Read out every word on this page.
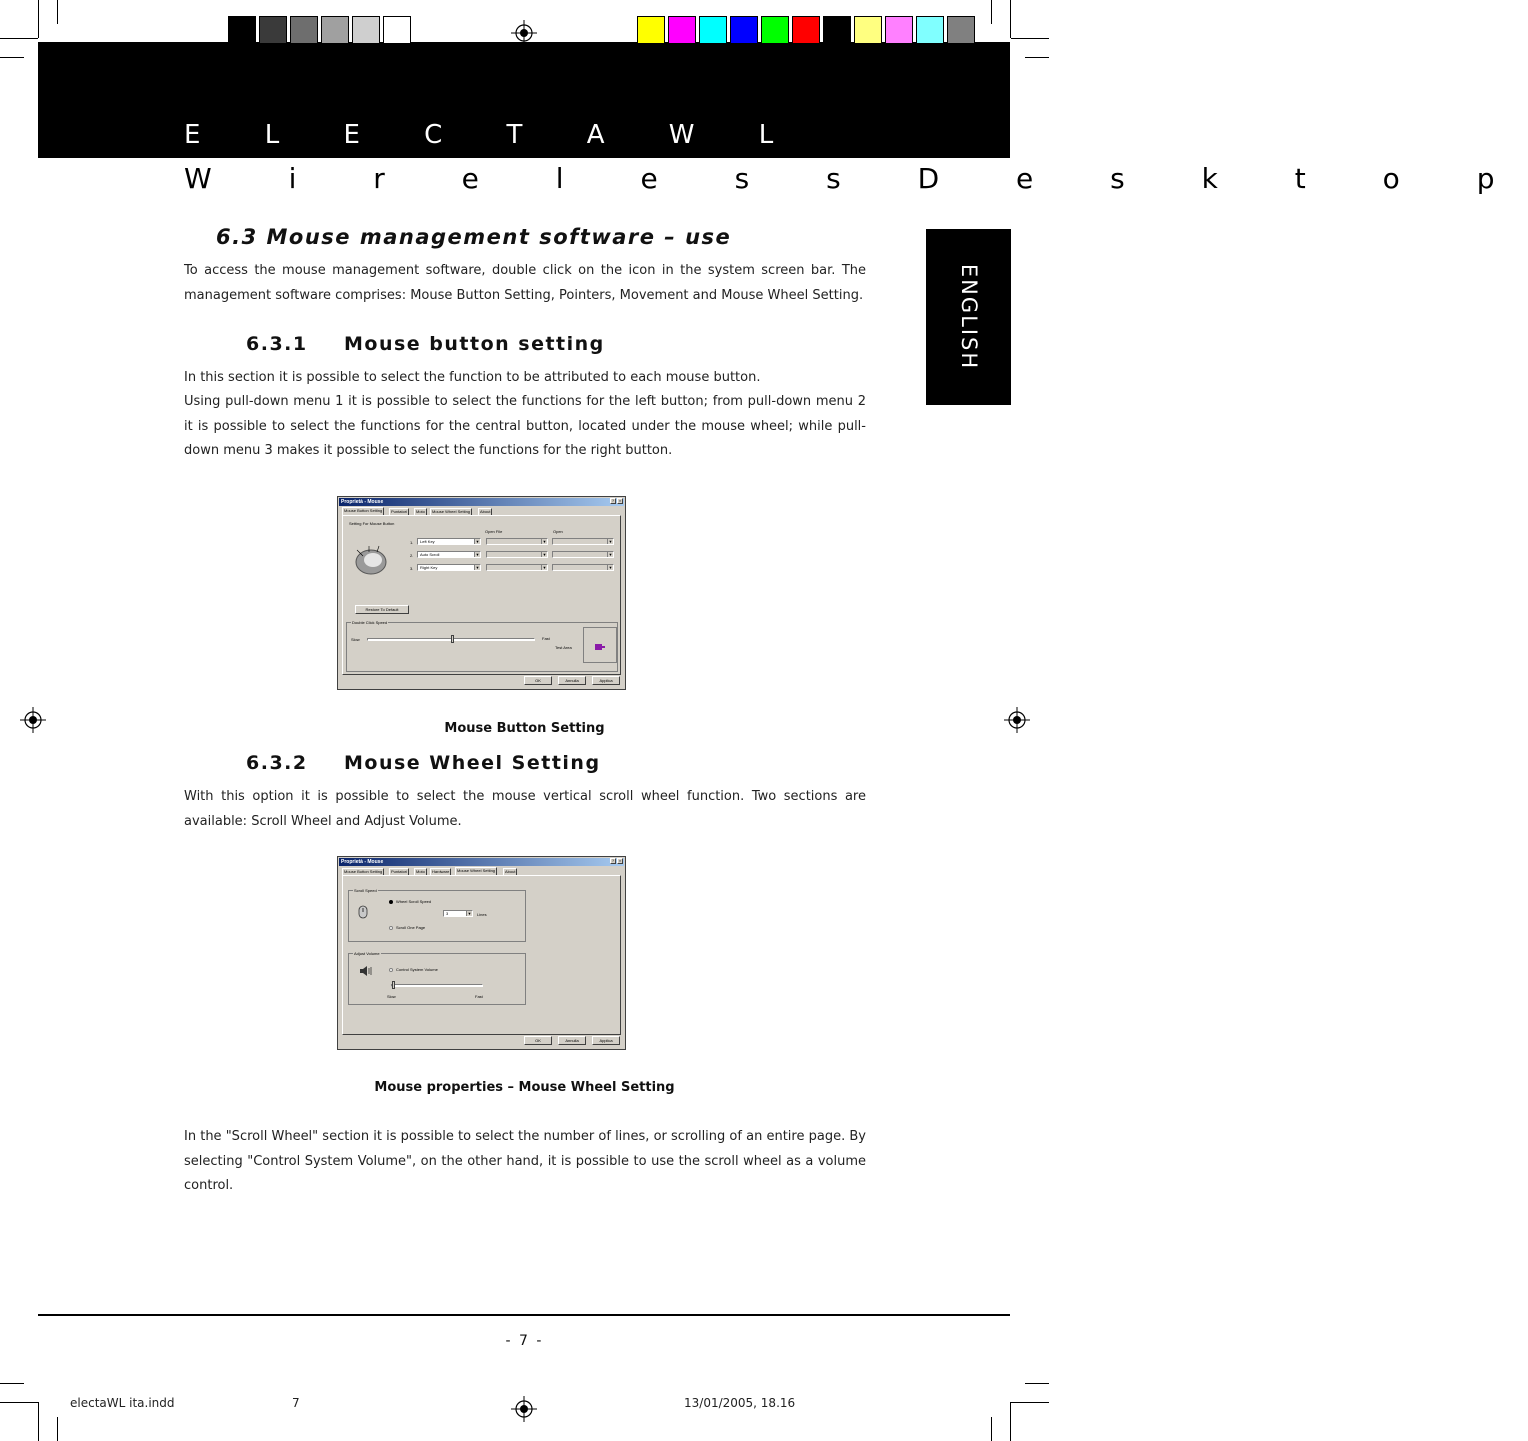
E L E C T A W L
W i r e l e s s D e s k t o p
ENGLISH
6.3 Mouse management software – use
To access the mouse management software, double click on the icon in the system screen bar. The management software comprises: Mouse Button Setting, Pointers, Movement and Mouse Wheel Setting.
6.3.1 Mouse button setting
In this section it is possible to select the function to be attributed to each mouse button.
Using pull-down menu 1 it is possible to select the functions for the left button; from pull-down menu 2 it is possible to select the functions for the central button, located under the mouse wheel; while pull-down menu 3 makes it possible to select the functions for the right button.
Proprietà - Mouse	?	×
Mouse Button Setting	Puntatori	Moto	Mouse Wheel Setting	About
Setting For Mouse Button
Open File	Open
1.
2.
3.
Left Key	▼
Auto Scroll	▼
Right Key	▼
▼
▼
▼
▼
▼
▼
Restore To Default
Double Click Speed
Slow	Fast
Test Area
OK	Annulla	Applica
Mouse Button Setting
6.3.2 Mouse Wheel Setting
With this option it is possible to select the mouse vertical scroll wheel function. Two sections are available: Scroll Wheel and Adjust Volume.
Proprietà - Mouse	?	×
Mouse Button Setting	Puntatori	Moto	Hardware	Mouse Wheel Setting	About
Scroll Speed
Wheel Scroll Speed
3	▼ Lines
Scroll One Page
Adjust Volume
Control System Volume
Slow	Fast
OK	Annulla	Applica
Mouse properties – Mouse Wheel Setting
In the "Scroll Wheel" section it is possible to select the number of lines, or scrolling of an entire page. By selecting "Control System Volume", on the other hand, it is possible to use the scroll wheel as a volume control.
- 7 -
electaWL ita.indd	7	13/01/2005, 18.16
